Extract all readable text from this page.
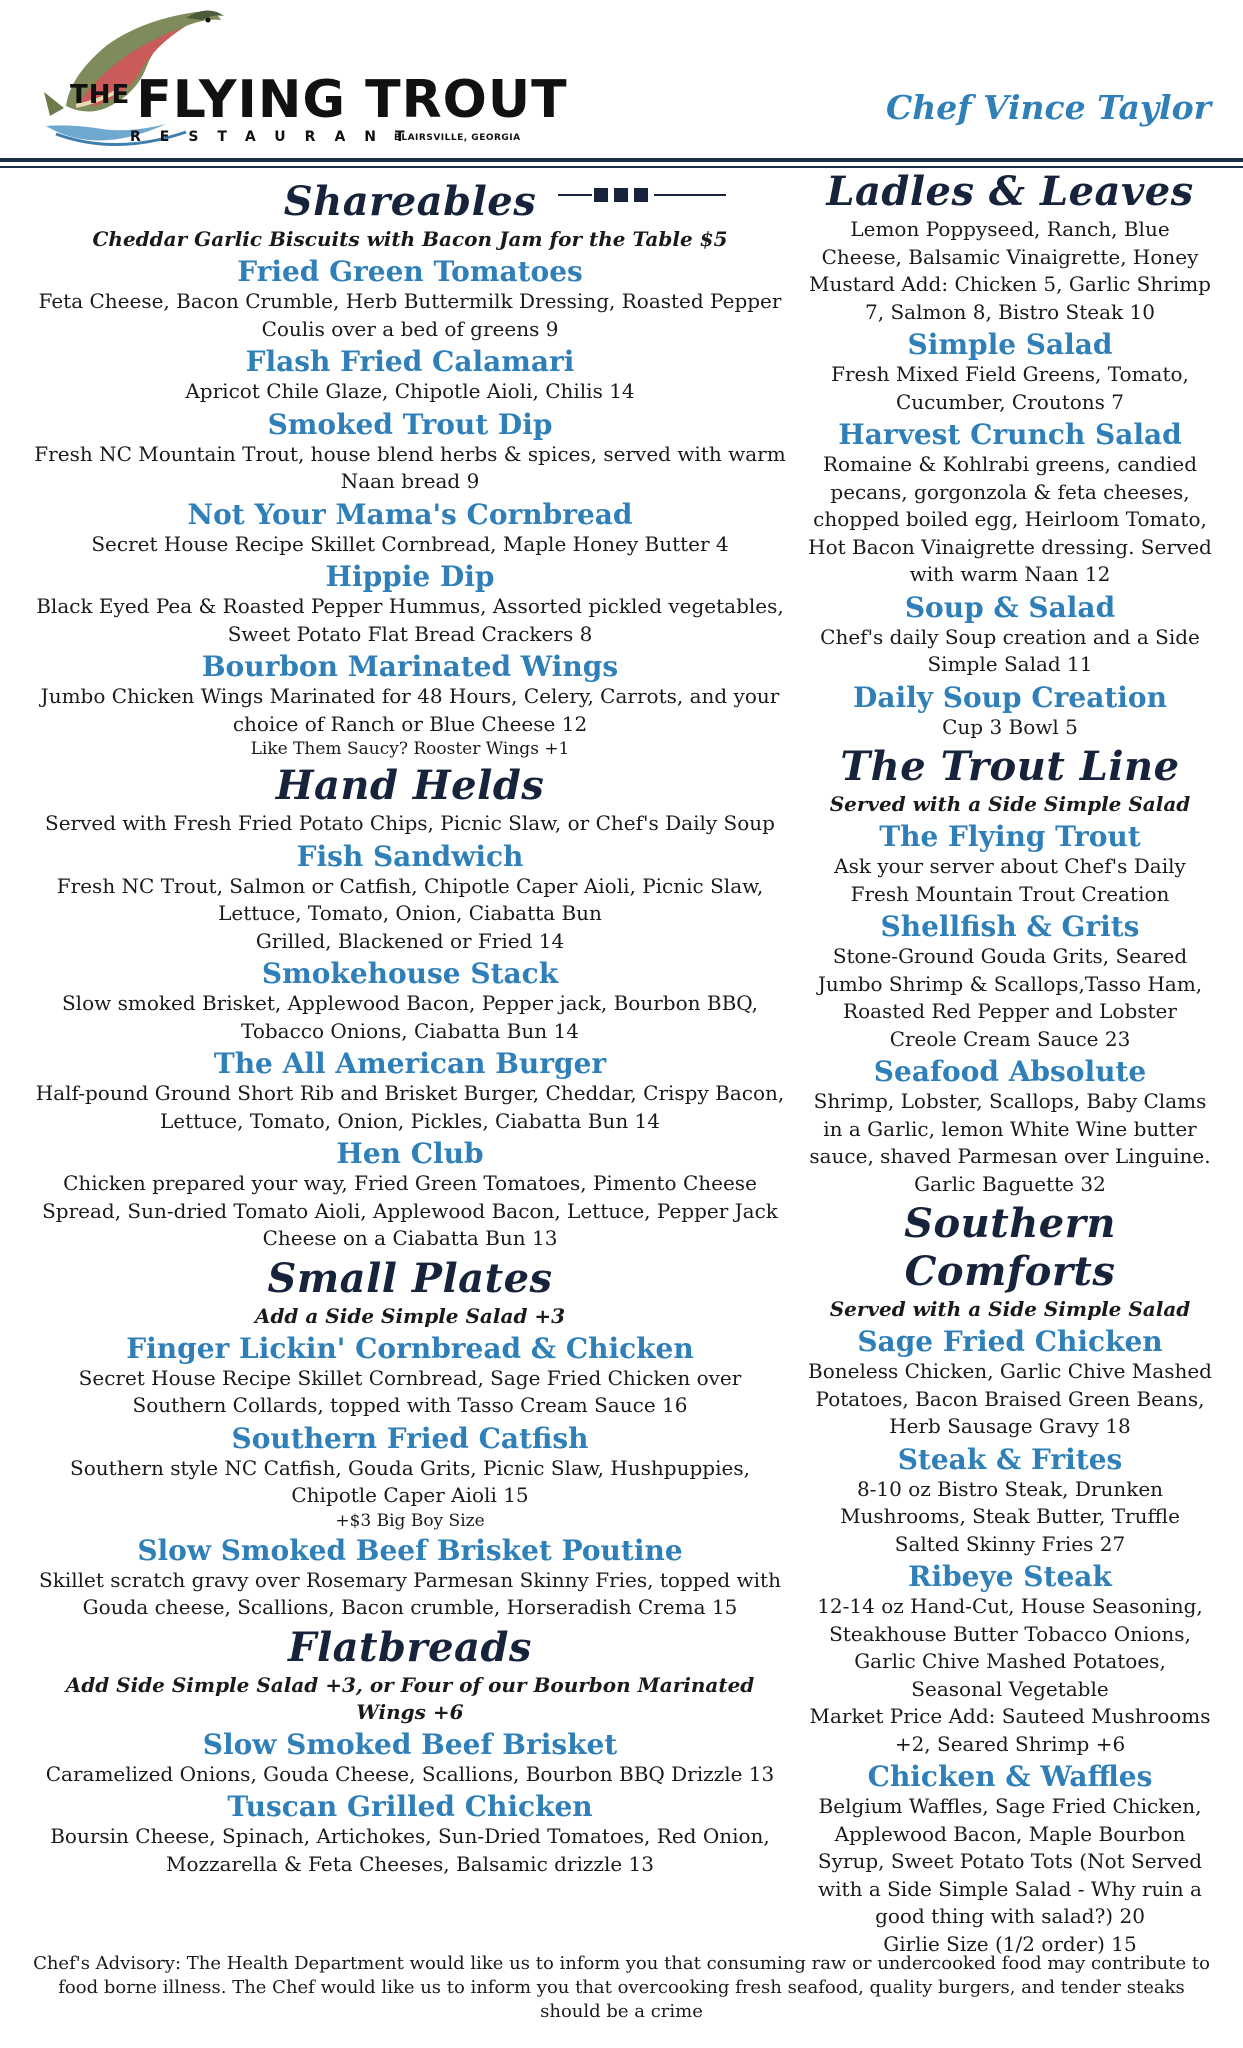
$^{THE}$ FLYING TROUT
RESTAURANT
BLAIRSVILLE, GEORGIA
Chef Vince Taylor
Shareables
Cheddar Garlic Biscuits with Bacon Jam for the Table $5
Fried Green Tomatoes
Feta Cheese, Bacon Crumble, Herb Buttermilk Dressing, Roasted Pepper Coulis over a bed of greens 9
Flash Fried Calamari
Apricot Chile Glaze, Chipotle Aioli, Chilis 14
Smoked Trout Dip
Fresh NC Mountain Trout, house blend herbs & spices, served with warm Naan bread 9
Not Your Mama's Cornbread
Secret House Recipe Skillet Cornbread, Maple Honey Butter 4
Hippie Dip
Black Eyed Pea & Roasted Pepper Hummus, Assorted pickled vegetables, Sweet Potato Flat Bread Crackers 8
Bourbon Marinated Wings
Jumbo Chicken Wings Marinated for 48 Hours, Celery, Carrots, and your choice of Ranch or Blue Cheese 12
Like Them Saucy? Rooster Wings +1
Hand Helds
Served with Fresh Fried Potato Chips, Picnic Slaw, or Chef's Daily Soup
Fish Sandwich
Fresh NC Trout, Salmon or Catfish, Chipotle Caper Aioli, Picnic Slaw, Lettuce, Tomato, Onion, Ciabatta Bun
Grilled, Blackened or Fried 14
Smokehouse Stack
Slow smoked Brisket, Applewood Bacon, Pepper jack, Bourbon BBQ, Tobacco Onions, Ciabatta Bun 14
The All American Burger
Half-pound Ground Short Rib and Brisket Burger, Cheddar, Crispy Bacon, Lettuce, Tomato, Onion, Pickles, Ciabatta Bun 14
Hen Club
Chicken prepared your way, Fried Green Tomatoes, Pimento Cheese Spread, Sun-dried Tomato Aioli, Applewood Bacon, Lettuce, Pepper Jack Cheese on a Ciabatta Bun 13
Small Plates
Add a Side Simple Salad +3
Finger Lickin' Cornbread & Chicken
Secret House Recipe Skillet Cornbread, Sage Fried Chicken over Southern Collards, topped with Tasso Cream Sauce 16
Southern Fried Catfish
Southern style NC Catfish, Gouda Grits, Picnic Slaw, Hushpuppies, Chipotle Caper Aioli 15
+$3 Big Boy Size
Slow Smoked Beef Brisket Poutine
Skillet scratch gravy over Rosemary Parmesan Skinny Fries, topped with Gouda cheese, Scallions, Bacon crumble, Horseradish Crema 15
Flatbreads
Add Side Simple Salad +3, or Four of our Bourbon Marinated Wings +6
Slow Smoked Beef Brisket
Caramelized Onions, Gouda Cheese, Scallions, Bourbon BBQ Drizzle 13
Tuscan Grilled Chicken
Boursin Cheese, Spinach, Artichokes, Sun-Dried Tomatoes, Red Onion, Mozzarella & Feta Cheeses, Balsamic drizzle 13
Ladles & Leaves
Lemon Poppyseed, Ranch, Blue Cheese, Balsamic Vinaigrette, Honey Mustard Add: Chicken 5, Garlic Shrimp 7, Salmon 8, Bistro Steak 10
Simple Salad
Fresh Mixed Field Greens, Tomato, Cucumber, Croutons 7
Harvest Crunch Salad
Romaine & Kohlrabi greens, candied pecans, gorgonzola & feta cheeses, chopped boiled egg, Heirloom Tomato, Hot Bacon Vinaigrette dressing. Served with warm Naan 12
Soup & Salad
Chef's daily Soup creation and a Side Simple Salad 11
Daily Soup Creation
Cup 3 Bowl 5
The Trout Line
Served with a Side Simple Salad
The Flying Trout
Ask your server about Chef's Daily Fresh Mountain Trout Creation
Shellfish & Grits
Stone-Ground Gouda Grits, Seared Jumbo Shrimp & Scallops,Tasso Ham, Roasted Red Pepper and Lobster Creole Cream Sauce 23
Seafood Absolute
Shrimp, Lobster, Scallops, Baby Clams in a Garlic, lemon White Wine butter sauce, shaved Parmesan over Linguine. Garlic Baguette 32
Southern Comforts
Served with a Side Simple Salad
Sage Fried Chicken
Boneless Chicken, Garlic Chive Mashed Potatoes, Bacon Braised Green Beans, Herb Sausage Gravy 18
Steak & Frites
8-10 oz Bistro Steak, Drunken Mushrooms, Steak Butter, Truffle Salted Skinny Fries 27
Ribeye Steak
12-14 oz Hand-Cut, House Seasoning, Steakhouse Butter Tobacco Onions, Garlic Chive Mashed Potatoes, Seasonal Vegetable
Market Price Add: Sauteed Mushrooms +2, Seared Shrimp +6
Chicken & Waffles
Belgium Waffles, Sage Fried Chicken, Applewood Bacon, Maple Bourbon Syrup, Sweet Potato Tots (Not Served with a Side Simple Salad - Why ruin a good thing with salad?) 20
Girlie Size (1/2 order) 15
Chef's Advisory: The Health Department would like us to inform you that consuming raw or undercooked food may contribute to food borne illness. The Chef would like us to inform you that overcooking fresh seafood, quality burgers, and tender steaks should be a crime
